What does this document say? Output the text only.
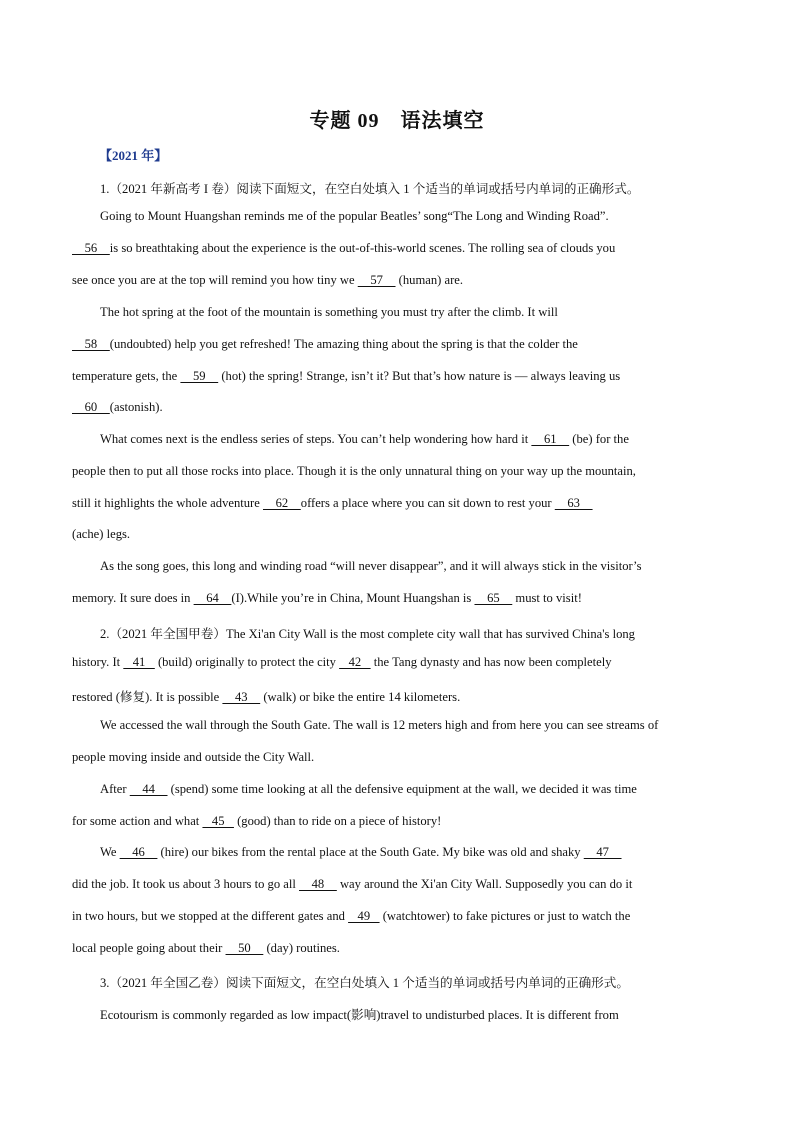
专题 09　语法填空
【2021 年】
1.（2021 年新高考 I 卷）阅读下面短文，在空白处填入 1 个适当的单词或括号内单词的正确形式。
Going to Mount Huangshan reminds me of the popular Beatles’ song“The Long and Winding Road”.
56    is so breathtaking about the experience is the out-of-this-world scenes. The rolling sea of clouds you
see once you are at the top will remind you how tiny we     57     (human) are.
The hot spring at the foot of the mountain is something you must try after the climb. It will
58    (undoubted) help you get refreshed! The amazing thing about the spring is that the colder the
temperature gets, the     59     (hot) the spring! Strange, isn’t it? But that’s how nature is — always leaving us
60    (astonish).
What comes next is the endless series of steps. You can’t help wondering how hard it     61     (be) for the
people then to put all those rocks into place. Though it is the only unnatural thing on your way up the mountain,
still it highlights the whole adventure     62    offers a place where you can sit down to rest your     63
(ache) legs.
As the song goes, this long and winding road “will never disappear”, and it will always stick in the visitor’s
memory. It sure does in     64    (I).While you’re in China, Mount Huangshan is     65     must to visit!
2.（2021 年全国甲卷）The Xi'an City Wall is the most complete city wall that has survived China's long
history. It    41    (build) originally to protect the city    42    the Tang dynasty and has now been completely
restored (修复). It is possible     43     (walk) or bike the entire 14 kilometers.
We accessed the wall through the South Gate. The wall is 12 meters high and from here you can see streams of
people moving inside and outside the City Wall.
After     44     (spend) some time looking at all the defensive equipment at the wall, we decided it was time
for some action and what    45    (good) than to ride on a piece of history!
We     46     (hire) our bikes from the rental place at the South Gate. My bike was old and shaky     47
did the job. It took us about 3 hours to go all     48     way around the Xi'an City Wall. Supposedly you can do it
in two hours, but we stopped at the different gates and    49    (watchtower) to fake pictures or just to watch the
local people going about their     50     (day) routines.
3.（2021 年全国乙卷）阅读下面短文，在空白处填入 1 个适当的单词或括号内单词的正确形式。
Ecotourism is commonly regarded as low impact(影响)travel to undisturbed places. It is different from
